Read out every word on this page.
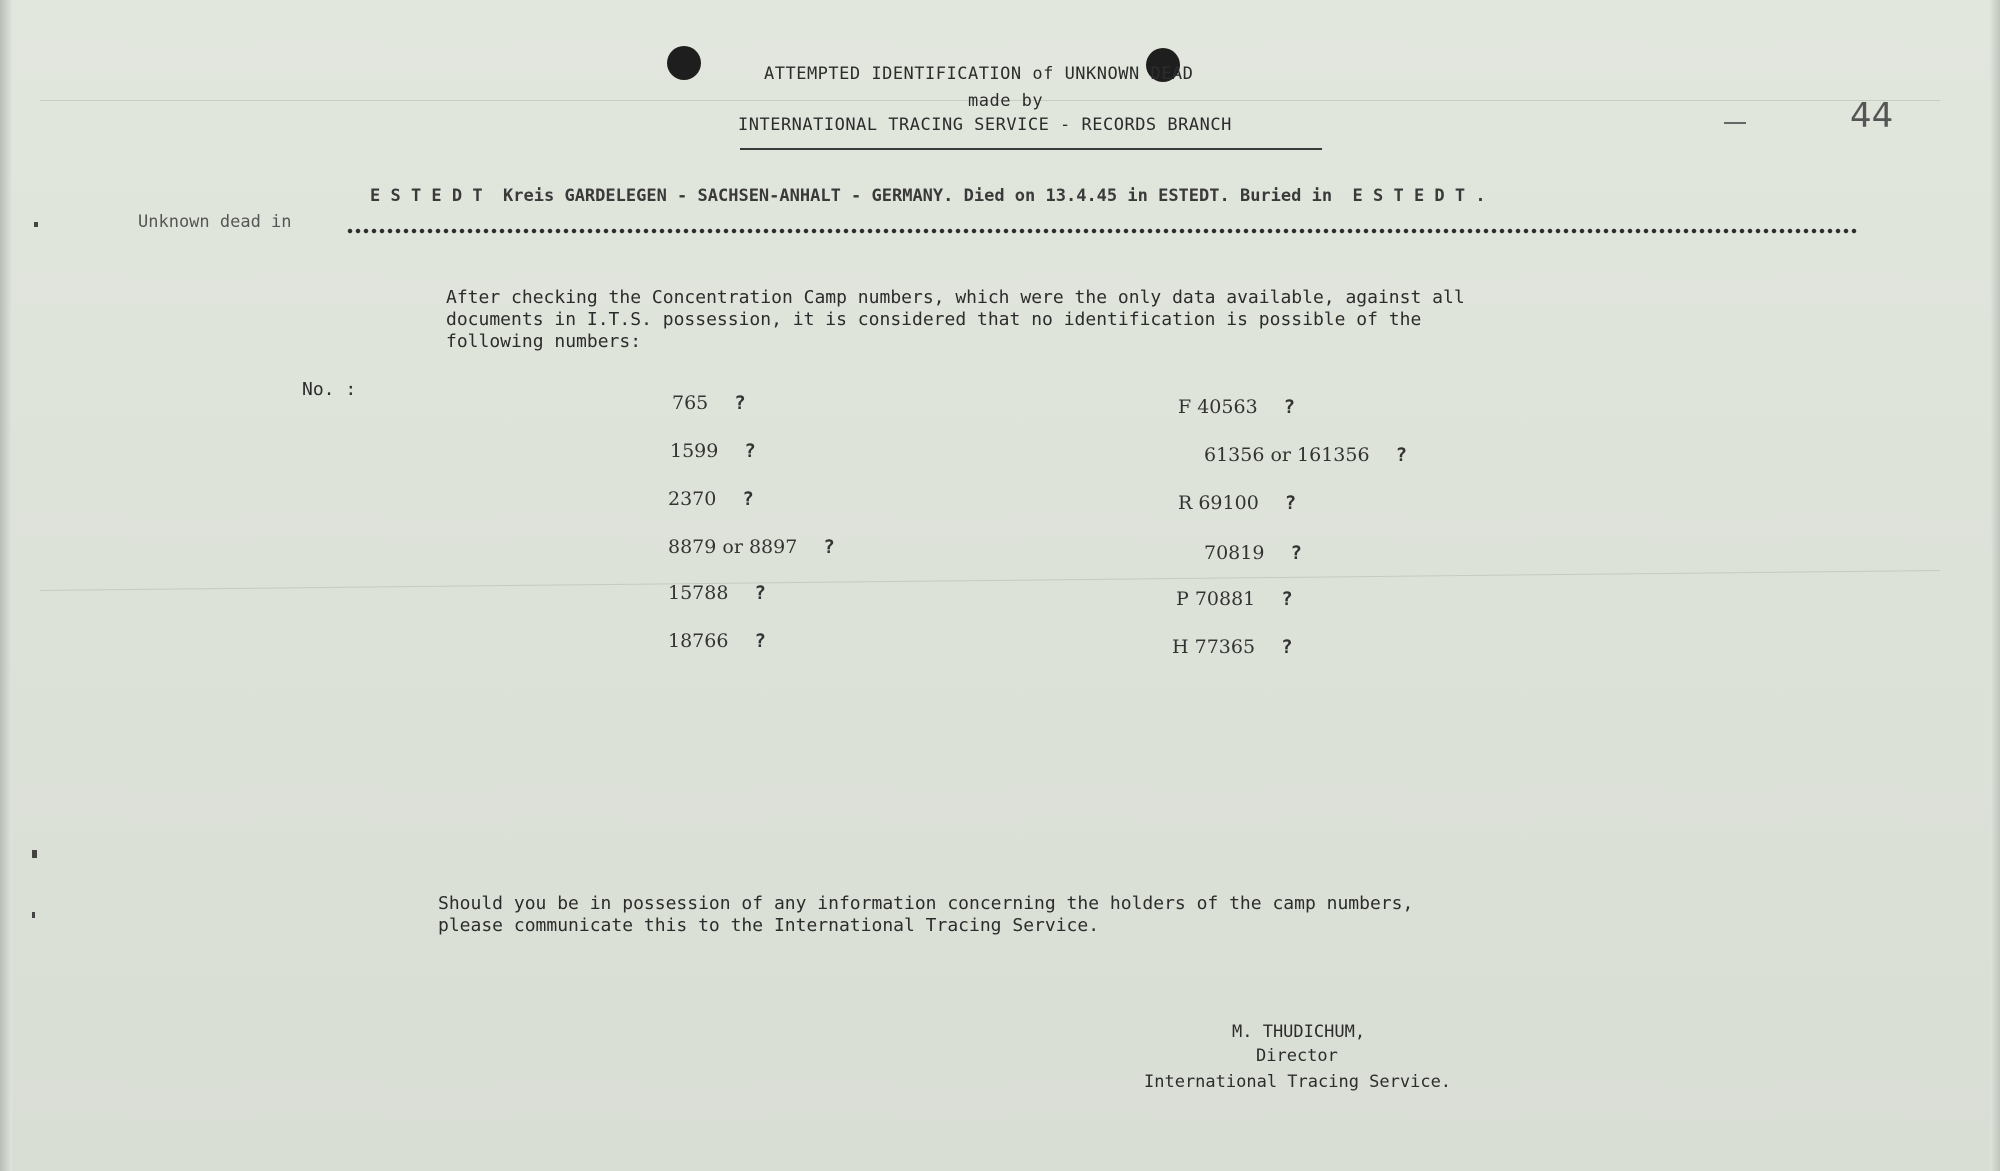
ATTEMPTED IDENTIFICATION of UNKNOWN DEAD
made by
INTERNATIONAL TRACING SERVICE - RECORDS BRANCH	44
E S T E D T  Kreis GARDELEGEN - SACHSEN-ANHALT - GERMANY. Died on 13.4.45 in ESTEDT. Buried in  E S T E D T .
Unknown dead in
After checking the Concentration Camp numbers, which were the only data available, against all
documents in I.T.S. possession, it is considered that no identification is possible of the
following numbers:
No. :
765 ?
1599 ?
2370 ?
8879 or 8897 ?
15788 ?
18766 ?
F 40563 ?
61356 or 161356 ?
R 69100 ?
70819 ?
P 70881 ?
H 77365 ?
Should you be in possession of any information concerning the holders of the camp numbers,
please communicate this to the International Tracing Service.
M. THUDICHUM,
Director
International Tracing Service.
